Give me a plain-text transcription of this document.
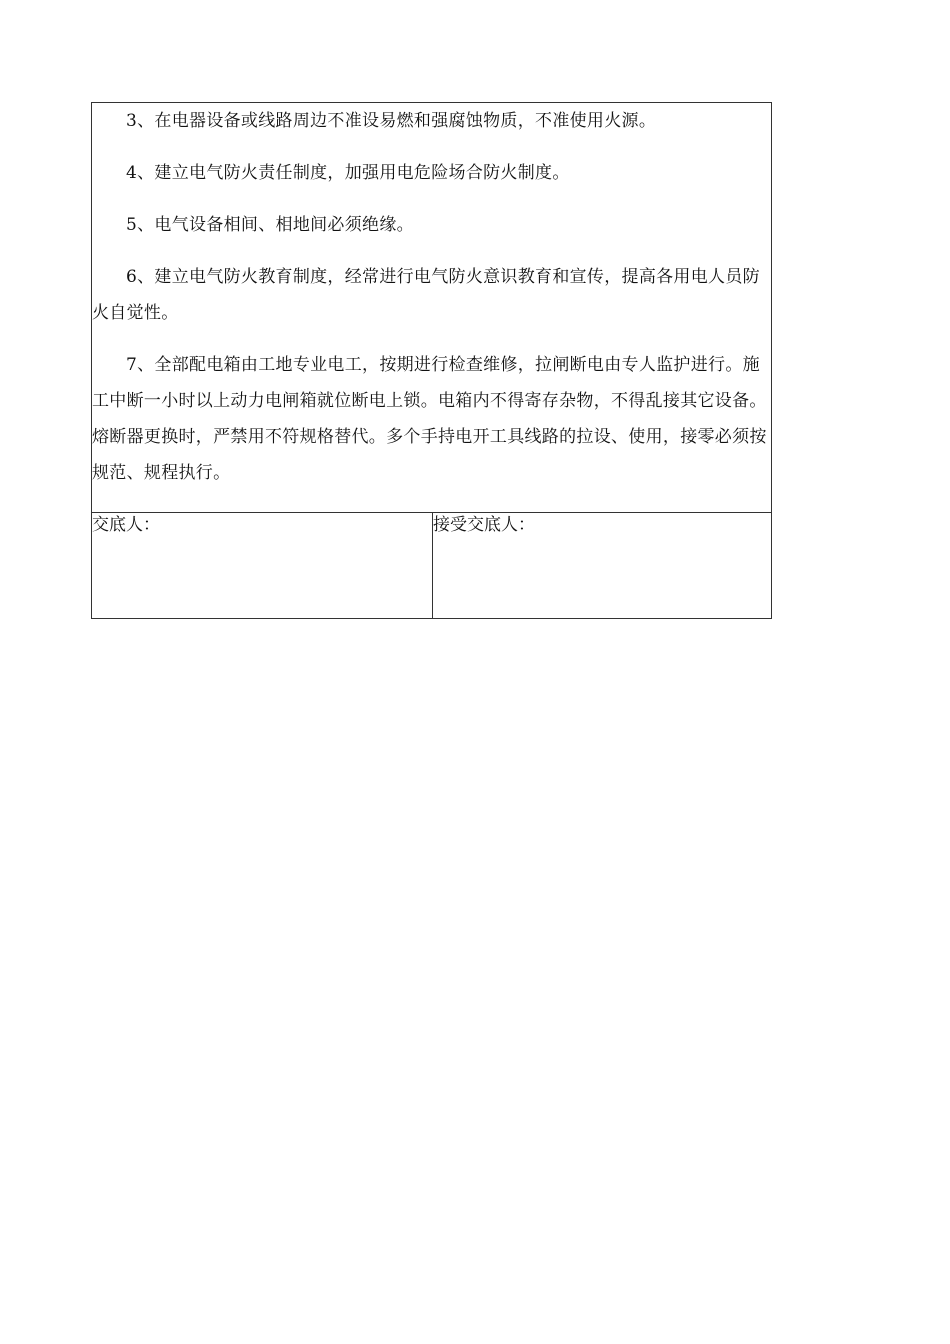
3、在电器设备或线路周边不准设易燃和强腐蚀物质，不准使用火源。

4、建立电气防火责任制度，加强用电危险场合防火制度。

5、电气设备相间、相地间必须绝缘。

6、建立电气防火教育制度，经常进行电气防火意识教育和宣传，提高各用电人员防火自觉性。

7、全部配电箱由工地专业电工，按期进行检查维修，拉闸断电由专人监护进行。施工中断一小时以上动力电闸箱就位断电上锁。电箱内不得寄存杂物，不得乱接其它设备。熔断器更换时，严禁用不符规格替代。多个手持电开工具线路的拉设、使用，接零必须按规范、规程执行。

交底人：	接受交底人：
